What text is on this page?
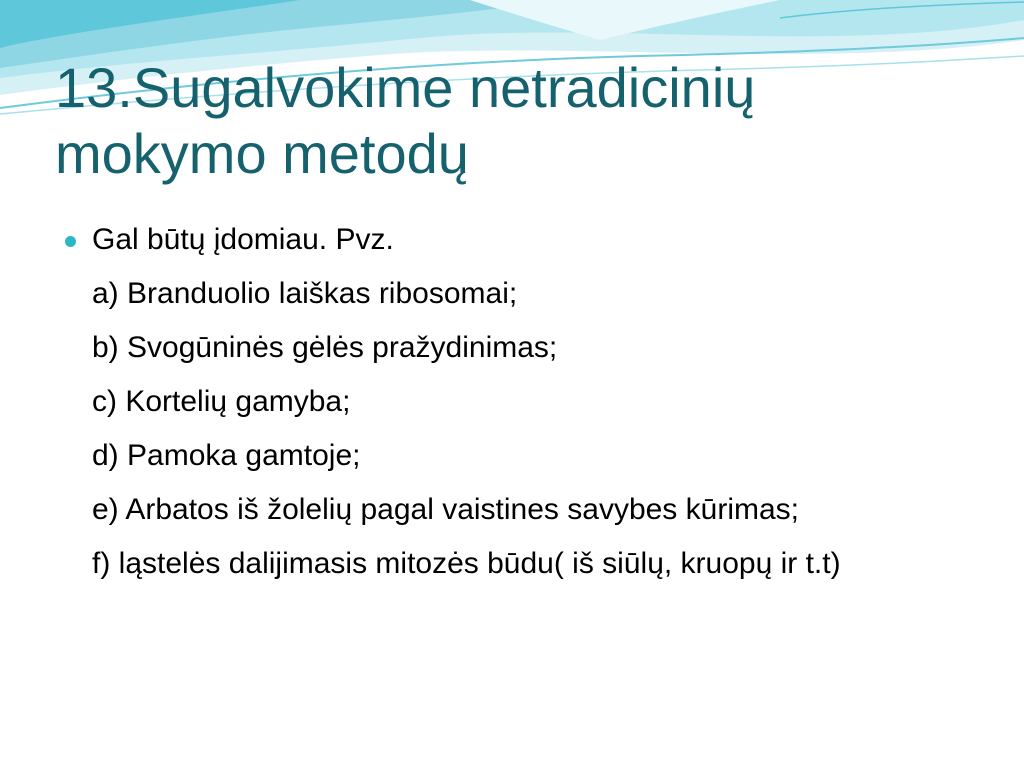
13.Sugalvokime netradicinių
mokymo metodų
Gal būtų įdomiau. Pvz.
a) Branduolio laiškas ribosomai;
b) Svogūninės gėlės pražydinimas;
c) Kortelių gamyba;
d) Pamoka gamtoje;
e) Arbatos iš žolelių pagal vaistines savybes kūrimas;
f) ląstelės dalijimasis mitozės būdu( iš siūlų, kruopų ir t.t)
